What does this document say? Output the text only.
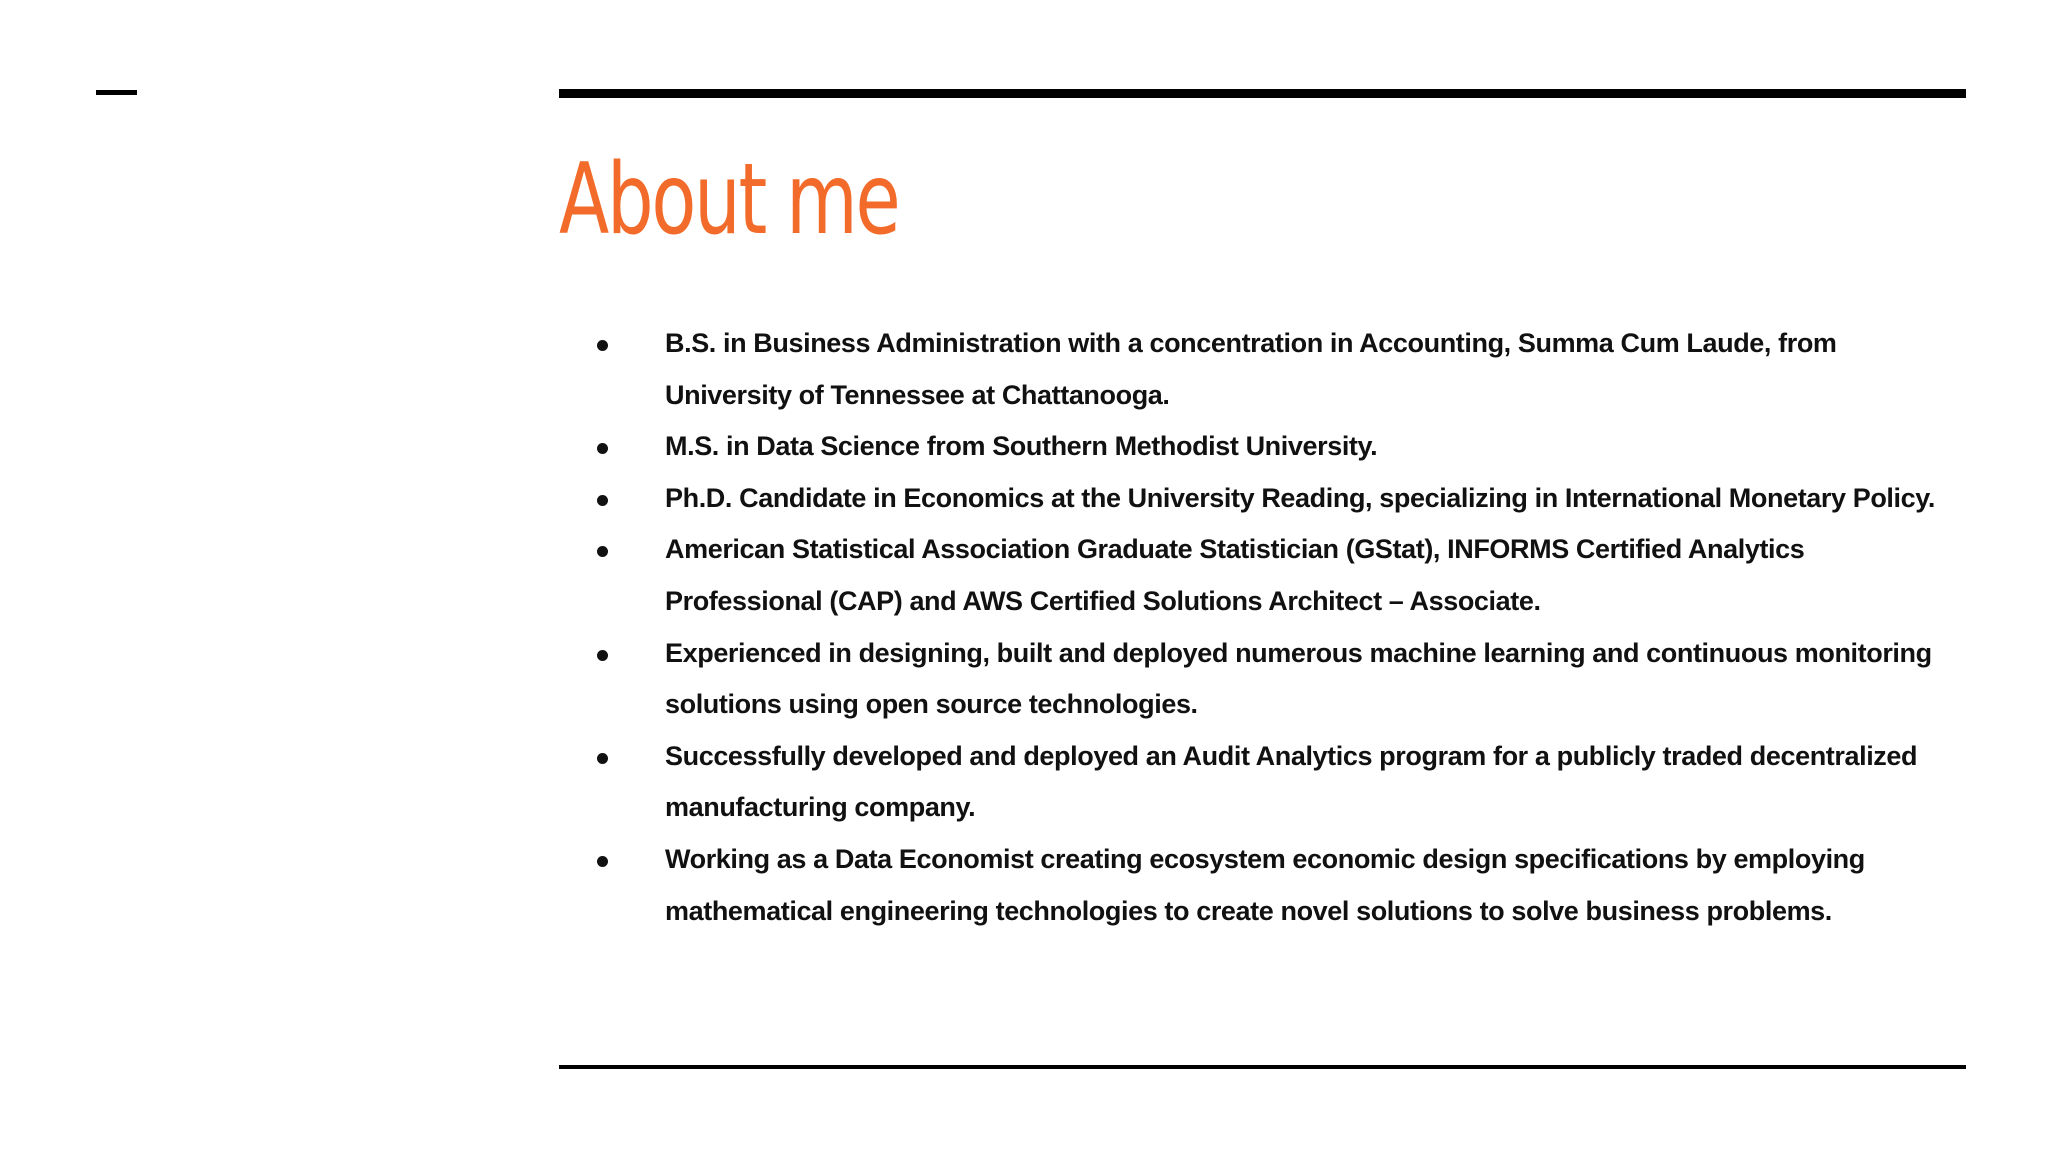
About me
B.S. in Business Administration with a concentration in Accounting, Summa Cum Laude, from University of Tennessee at Chattanooga.
M.S. in Data Science from Southern Methodist University.
Ph.D. Candidate in Economics at the University Reading, specializing in International Monetary Policy.
American Statistical Association Graduate Statistician (GStat), INFORMS Certified Analytics Professional (CAP) and AWS Certified Solutions Architect – Associate.
Experienced in designing, built and deployed numerous machine learning and continuous monitoring solutions using open source technologies.
Successfully developed and deployed an Audit Analytics program for a publicly traded decentralized manufacturing company.
Working as a Data Economist creating ecosystem economic design specifications by employing mathematical engineering technologies to create novel solutions to solve business problems.
